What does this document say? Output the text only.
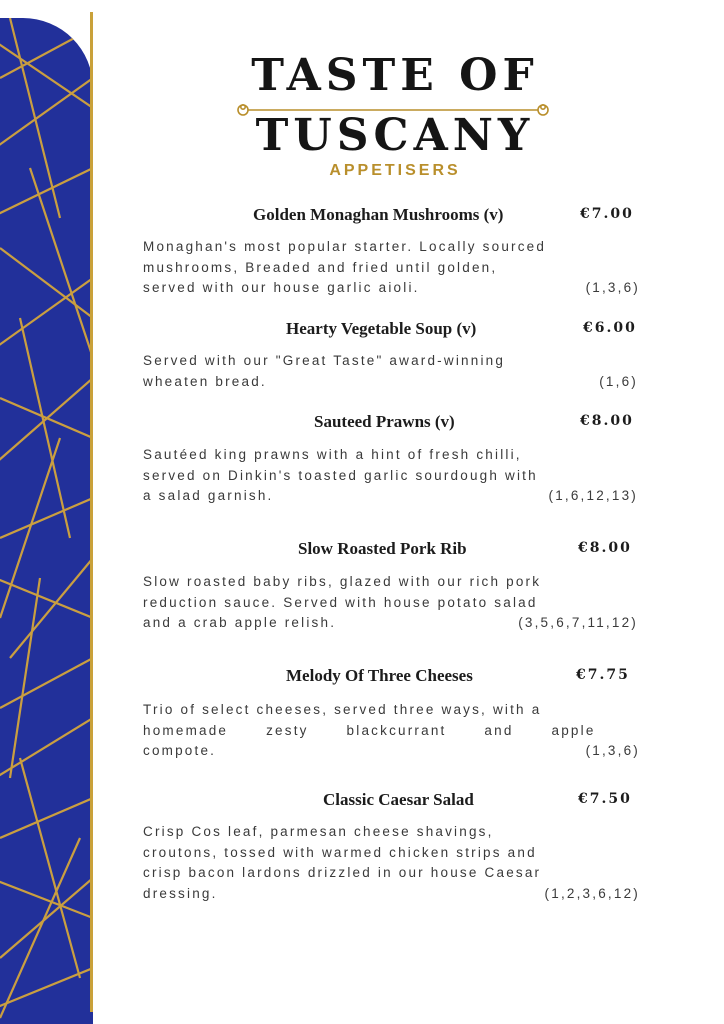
TASTE OF
TUSCANY
APPETISERS
Golden Monaghan Mushrooms (v)	€7.00
Monaghan's most popular starter. Locally sourced
mushrooms, Breaded and fried until golden,
served with our house garlic aioli.	(1,3,6)
Hearty Vegetable Soup (v)	€6.00
Served with our "Great Taste" award-winning
wheaten bread.	(1,6)
Sauteed Prawns (v)	€8.00
Sautéed king prawns with a hint of fresh chilli,
served on Dinkin's toasted garlic sourdough with
a salad garnish.	(1,6,12,13)
Slow Roasted Pork Rib	€8.00
Slow roasted baby ribs, glazed with our rich pork
reduction sauce. Served with house potato salad
and a crab apple relish.	(3,5,6,7,11,12)
Melody Of Three Cheeses	€7.75
Trio of select cheeses, served three ways, with a
homemade zesty blackcurrant and apple
compote.	(1,3,6)
Classic Caesar Salad	€7.50
Crisp Cos leaf, parmesan cheese shavings,
croutons, tossed with warmed chicken strips and
crisp bacon lardons drizzled in our house Caesar
dressing.	(1,2,3,6,12)
